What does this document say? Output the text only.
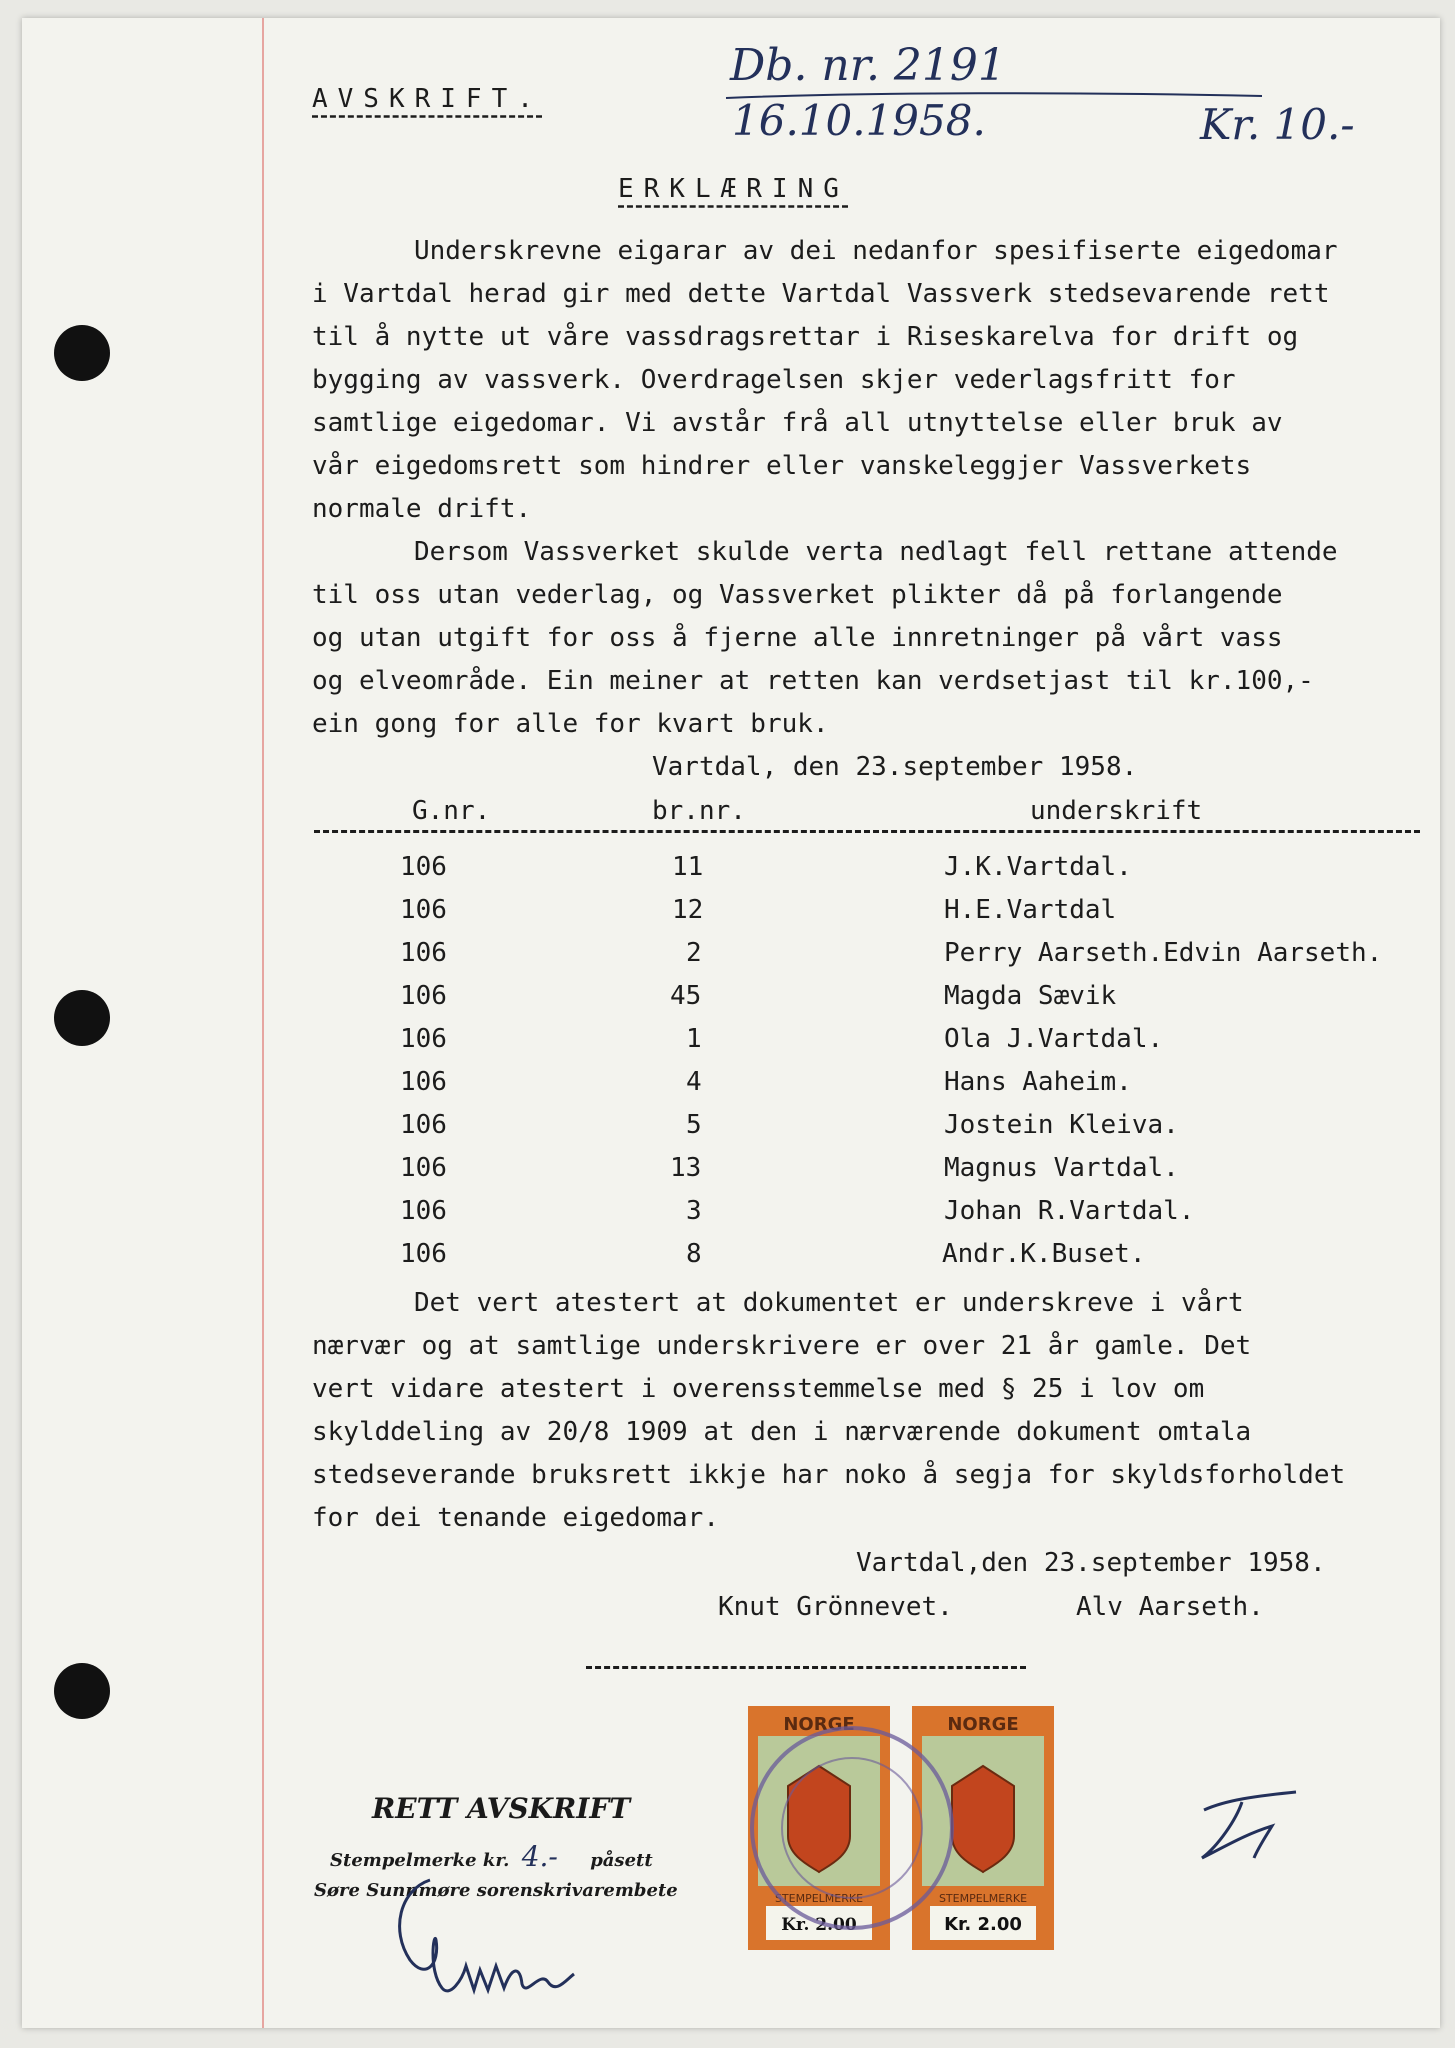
AVSKRIFT.
Db. nr. 2191
16.10.1958.	Kr. 10.-
ERKLÆRING
Underskrevne eigarar av dei nedanfor spesifiserte eigedomar
i Vartdal herad gir med dette Vartdal Vassverk stedsevarende rett
til å nytte ut våre vassdragsrettar i Riseskarelva for drift og
bygging av vassverk. Overdragelsen skjer vederlagsfritt for
samtlige eigedomar. Vi avstår frå all utnyttelse eller bruk av
vår eigedomsrett som hindrer eller vanskeleggjer Vassverkets
normale drift.
Dersom Vassverket skulde verta nedlagt fell rettane attende
til oss utan vederlag, og Vassverket plikter då på forlangende
og utan utgift for oss å fjerne alle innretninger på vårt vass
og elveområde. Ein meiner at retten kan verdsetjast til kr.100,-
ein gong for alle for kvart bruk.
Vartdal, den 23.september 1958.
G.nr.	br.nr.	underskrift
106	11	J.K.Vartdal.
106	12	H.E.Vartdal
106	2	Perry Aarseth.Edvin Aarseth.
106	45	Magda Sævik
106	1	Ola J.Vartdal.
106	4	Hans Aaheim.
106	5	Jostein Kleiva.
106	13	Magnus Vartdal.
106	3	Johan R.Vartdal.
106	8	Andr.K.Buset.
Det vert atestert at dokumentet er underskreve i vårt
nærvær og at samtlige underskrivere er over 21 år gamle. Det
vert vidare atestert i overensstemmelse med § 25 i lov om
skylddeling av 20/8 1909 at den i nærværende dokument omtala
stedseverande bruksrett ikkje har noko å segja for skyldsforholdet
for dei tenande eigedomar.
Vartdal,den 23.september 1958.
Knut Grönnevet.	Alv Aarseth.
RETT AVSKRIFT
Stempelmerke kr. 4.- påsett
Søre Sunnmøre sorenskrivarembete
NORGE
STEMPELMERKE
Kr. 2.00
NORGE
STEMPELMERKE
Kr. 2.00
